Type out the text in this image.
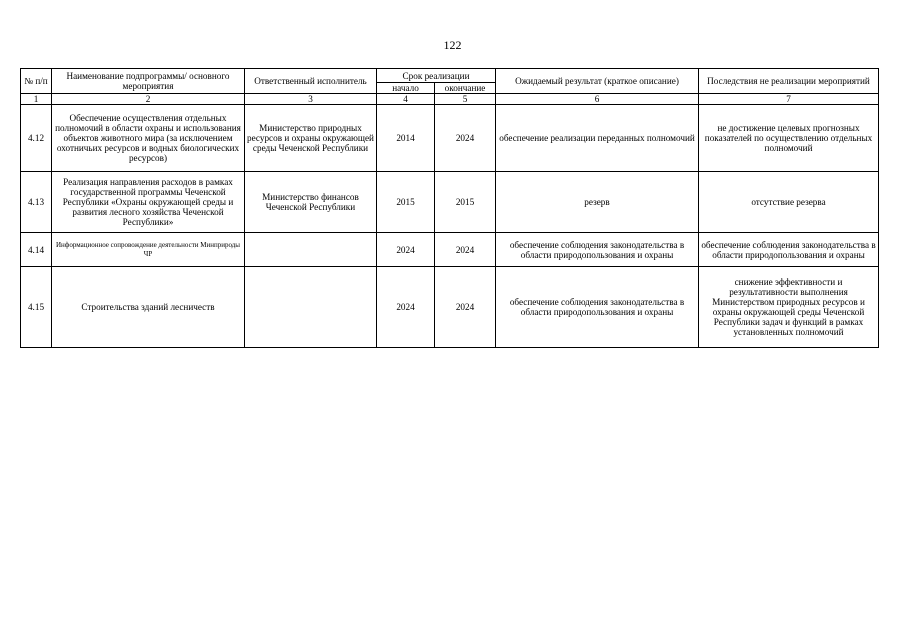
122
№ п/п	Наименование подпрограммы/ основного мероприятия	Ответственный исполнитель	Срок реализации		Ожидаемый результат (краткое описание)	Последствия не реализации мероприятий
			начало	окончание		
1	2	3	4	5	6	7
4.12	Обеспечение осуществления отдельных полномочий в области охраны и использования объектов животного мира (за исключением охотничьих ресурсов и водных биологических ресурсов)	Министерство природных ресурсов и охраны окружающей среды Чеченской Республики	2014	2024	обеспечение реализации переданных полномочий	не достижение целевых прогнозных показателей по осуществлению отдельных полномочий
4.13	Реализация направления расходов в рамках государственной программы Чеченской Республики «Охраны окружающей среды и развития лесного хозяйства Чеченской Республики»	Министерство финансов Чеченской Республики	2015	2015	резерв	отсутствие резерва
4.14	Информационное сопровождение деятельности Минприроды ЧР		2024	2024	обеспечение соблюдения законодательства в области природопользования и охраны	обеспечение соблюдения законодательства в области природопользования и охраны
4.15	Строительства зданий лесничеств		2024	2024	обеспечение соблюдения законодательства в области природопользования и охраны	снижение эффективности и результативности выполнения Министерством природных ресурсов и охраны окружающей среды Чеченской Республики задач и функций в рамках установленных полномочий
